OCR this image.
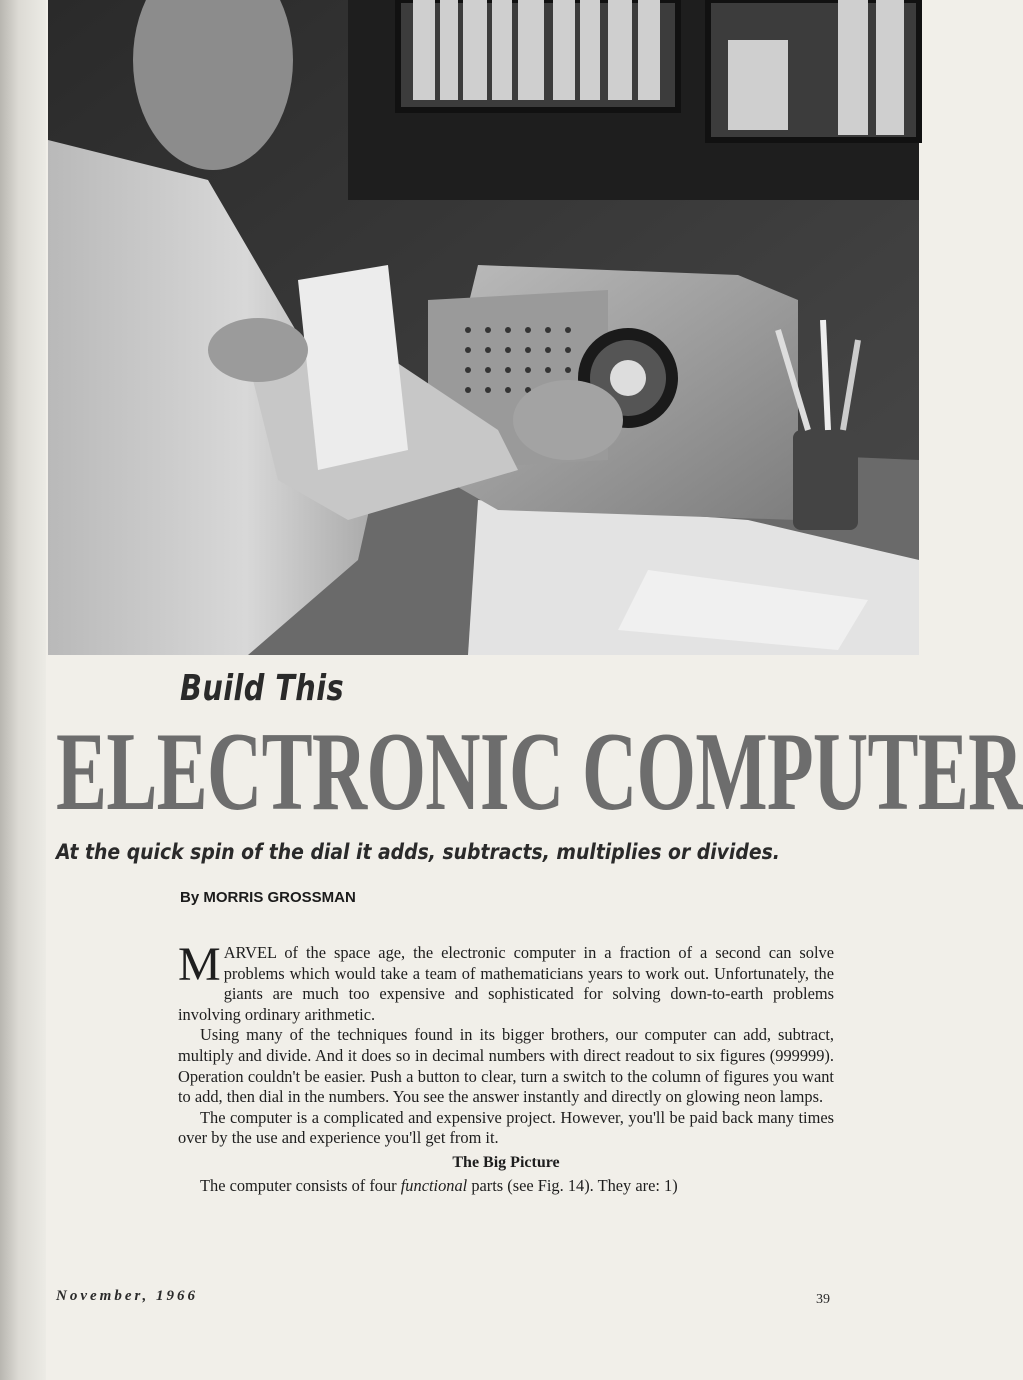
Build This
ELECTRONIC COMPUTER
At the quick spin of the dial it adds, subtracts, multiplies or divides.
By MORRIS GROSSMAN

MARVEL of the space age, the electronic computer in a fraction of a second can solve problems which would take a team of mathematicians years to work out. Unfortunately, the giants are much too expensive and sophisticated for solving down-to-earth problems involving ordinary arithmetic.

Using many of the techniques found in its bigger brothers, our computer can add, subtract, multiply and divide. And it does so in decimal numbers with direct readout to six figures (999999). Operation couldn't be easier. Push a button to clear, turn a switch to the column of figures you want to add, then dial in the numbers. You see the answer instantly and directly on glowing neon lamps.

The computer is a complicated and expensive project. However, you'll be paid back many times over by the use and experience you'll get from it.

The Big Picture

The computer consists of four functional parts (see Fig. 14). They are: 1)

November, 1966	39
